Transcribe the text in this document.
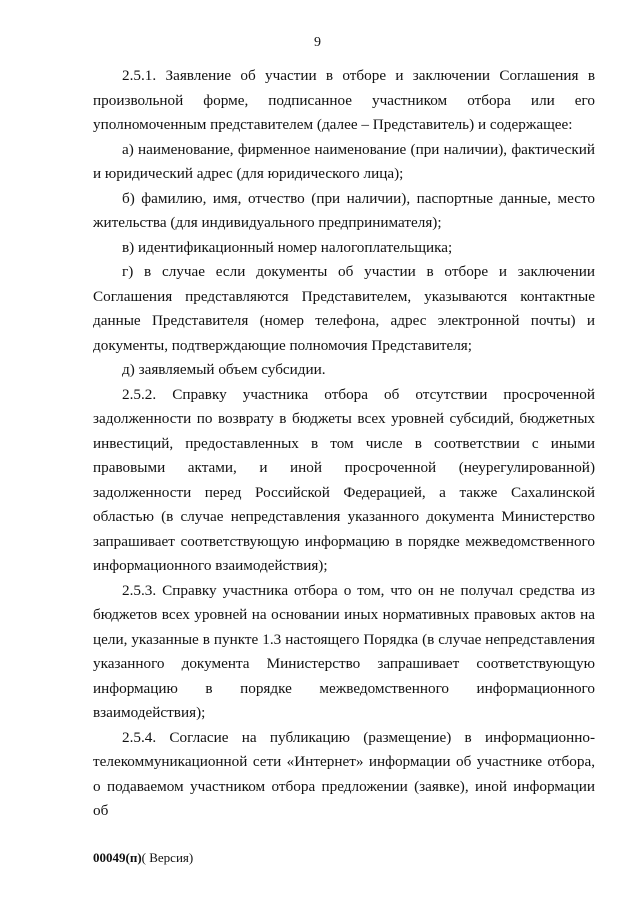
9

2.5.1. Заявление об участии в отборе и заключении Соглашения в произвольной форме, подписанное участником отбора или его уполномоченным представителем (далее – Представитель) и содержащее:

а) наименование, фирменное наименование (при наличии), фактический и юридический адрес (для юридического лица);

б) фамилию, имя, отчество (при наличии), паспортные данные, место жительства (для индивидуального предпринимателя);

в) идентификационный номер налогоплательщика;

г) в случае если документы об участии в отборе и заключении Соглашения представляются Представителем, указываются контактные данные Представителя (номер телефона, адрес электронной почты) и документы, подтверждающие полномочия Представителя;

д) заявляемый объем субсидии.

2.5.2. Справку участника отбора об отсутствии просроченной задолженности по возврату в бюджеты всех уровней субсидий, бюджетных инвестиций, предоставленных в том числе в соответствии с иными правовыми актами, и иной просроченной (неурегулированной) задолженности перед Российской Федерацией, а также Сахалинской областью (в случае непредставления указанного документа Министерство запрашивает соответствующую информацию в порядке межведомственного информационного взаимодействия);

2.5.3. Справку участника отбора о том, что он не получал средства из бюджетов всех уровней на основании иных нормативных правовых актов на цели, указанные в пункте 1.3 настоящего Порядка (в случае непредставления указанного документа Министерство запрашивает соответствующую информацию в порядке межведомственного информационного взаимодействия);

2.5.4. Согласие на публикацию (размещение) в информационно-телекоммуникационной сети «Интернет» информации об участнике отбора, о подаваемом участником отбора предложении (заявке), иной информации об

00049(п)( Версия)
